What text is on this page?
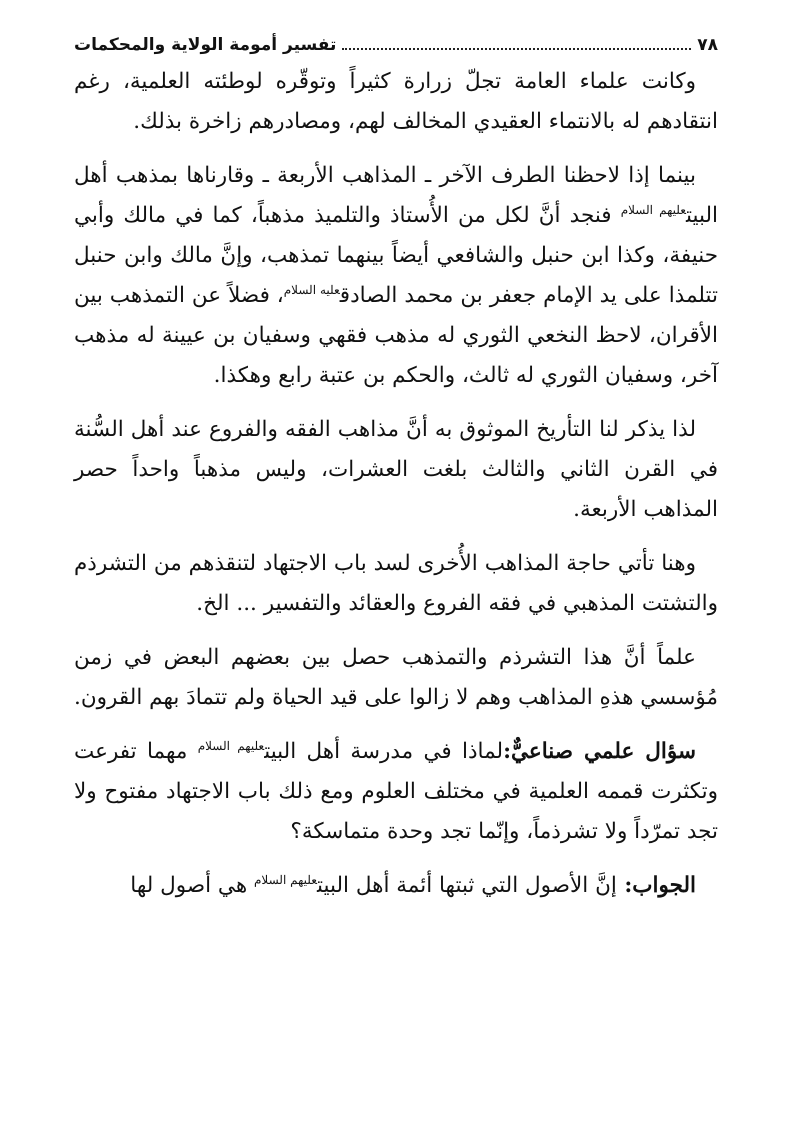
٧٨
تفسير أمومة الولاية والمحكمات

وكانت علماء العامة تجلّ زرارة كثيراً وتوقّره لوطئته العلمية، رغم انتقادهم له بالانتماء العقيدي المخالف لهم، ومصادرهم زاخرة بذلك.

بينما إذا لاحظنا الطرف الآخر ـ المذاهب الأربعة ـ وقارناها بمذهب أهل البيت$^{عليهم السلام}$ فنجد أنَّ لكل من الأُستاذ والتلميذ مذهباً، كما في مالك وأبي حنيفة، وكذا ابن حنبل والشافعي أيضاً بينهما تمذهب، وإنَّ مالك وابن حنبل تتلمذا على يد الإمام جعفر بن محمد الصادق$^{عليه السلام}$، فضلاً عن التمذهب بين الأقران، لاحظ النخعي الثوري له مذهب فقهي وسفيان بن عيينة له مذهب آخر، وسفيان الثوري له ثالث، والحكم بن عتبة رابع وهكذا.

لذا يذكر لنا التأريخ الموثوق به أنَّ مذاهب الفقه والفروع عند أهل السُّنة في القرن الثاني والثالث بلغت العشرات، وليس مذهباً واحداً حصر المذاهب الأربعة.

وهنا تأتي حاجة المذاهب الأُخرى لسد باب الاجتهاد لتنقذهم من التشرذم والتشتت المذهبي في فقه الفروع والعقائد والتفسير ... الخ.

علماً أنَّ هذا التشرذم والتمذهب حصل بين بعضهم البعض في زمن مُؤسسي هذهِ المذاهب وهم لا زالوا على قيد الحياة ولم تتمادَ بهم القرون.

سؤال علمي صناعيٌّ:لماذا في مدرسة أهل البيت$^{عليهم السلام}$ مهما تفرعت وتكثرت قممه العلمية في مختلف العلوم ومع ذلك باب الاجتهاد مفتوح ولا تجد تمرّداً ولا تشرذماً، وإنّما تجد وحدة متماسكة؟

الجواب: إنَّ الأصول التي ثبتها أئمة أهل البيت$^{عليهم السلام}$ هي أصول لها
